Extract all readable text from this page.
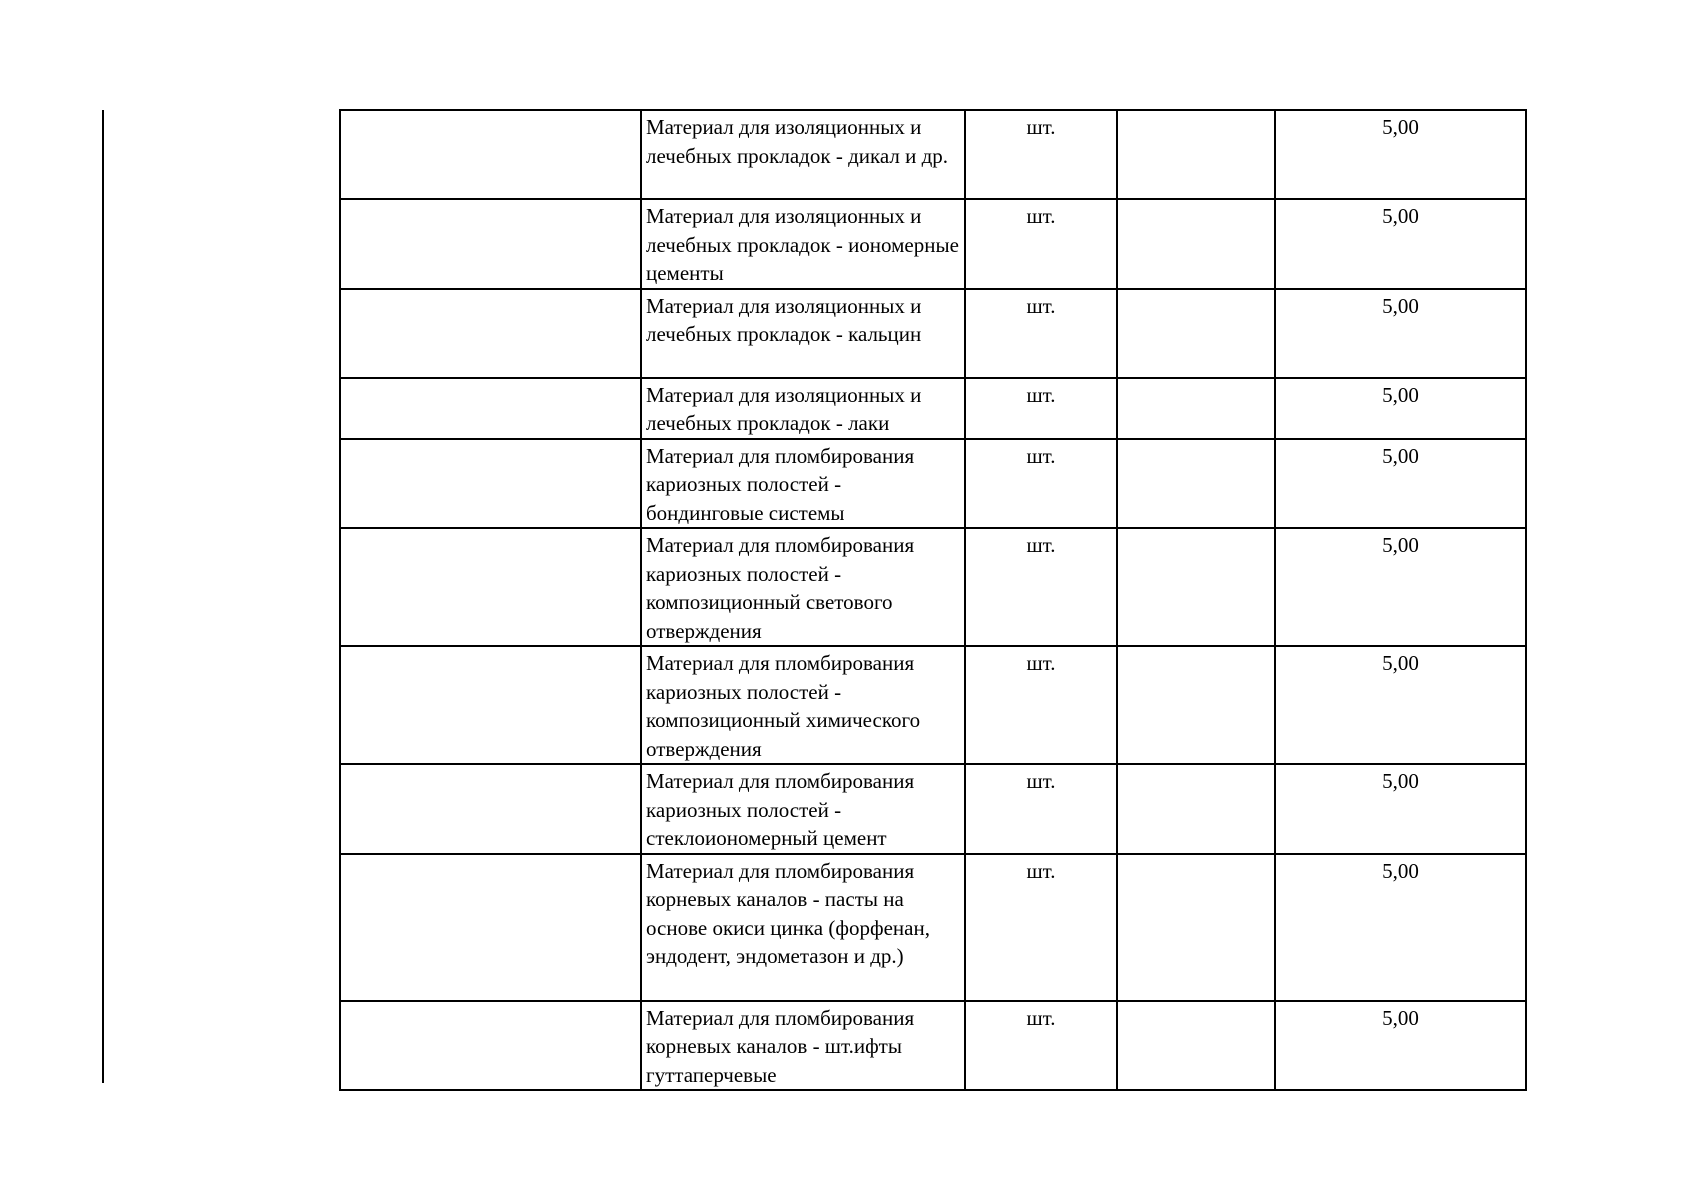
	Материал для изоляционных и лечебных прокладок - дикал и др.	шт.		5,00
	Материал для изоляционных и лечебных прокладок - иономерные цементы	шт.		5,00
	Материал для изоляционных и лечебных прокладок - кальцин	шт.		5,00
	Материал для изоляционных и лечебных прокладок - лаки	шт.		5,00
	Материал для пломбирования кариозных полостей - бондинговые системы	шт.		5,00
	Материал для пломбирования кариозных полостей - композиционный светового отверждения	шт.		5,00
	Материал для пломбирования кариозных полостей - композиционный химического отверждения	шт.		5,00
	Материал для пломбирования кариозных полостей - стеклоиономерный цемент	шт.		5,00
	Материал для пломбирования корневых каналов - пасты на основе окиси цинка (форфенан, эндодент, эндометазон и др.)	шт.		5,00
	Материал для пломбирования корневых каналов - шт.ифты гуттаперчевые	шт.		5,00
